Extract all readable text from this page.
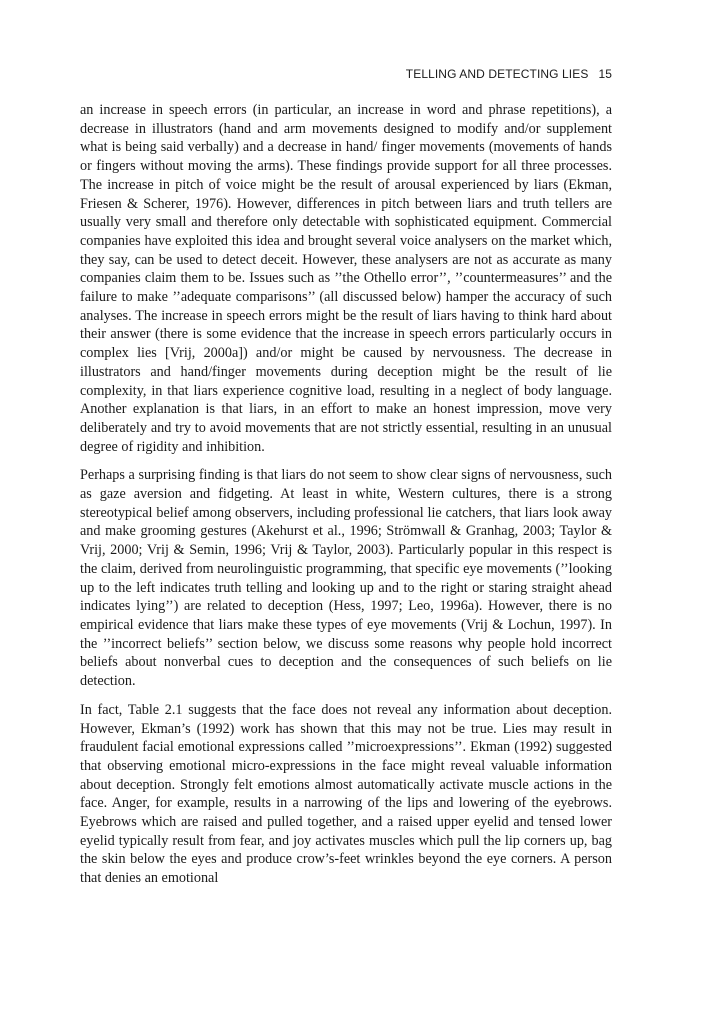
TELLING AND DETECTING LIES 15

an increase in speech errors (in particular, an increase in word and phrase repetitions), a decrease in illustrators (hand and arm movements designed to modify and/or supplement what is being said verbally) and a decrease in hand/ finger movements (movements of hands or fingers without moving the arms). These findings provide support for all three processes. The increase in pitch of voice might be the result of arousal experienced by liars (Ekman, Friesen & Scherer, 1976). However, differences in pitch between liars and truth tellers are usually very small and therefore only detectable with sophisticated equipment. Commercial companies have exploited this idea and brought several voice analysers on the market which, they say, can be used to detect deceit. However, these analysers are not as accurate as many companies claim them to be. Issues such as ’’the Othello error’’, ’’countermeasures’’ and the failure to make ’’adequate comparisons’’ (all discussed below) hamper the accuracy of such analyses. The increase in speech errors might be the result of liars having to think hard about their answer (there is some evidence that the increase in speech errors particularly occurs in complex lies [Vrij, 2000a]) and/or might be caused by nervousness. The decrease in illustrators and hand/finger movements during deception might be the result of lie complexity, in that liars experience cognitive load, resulting in a neglect of body language. Another explanation is that liars, in an effort to make an honest impression, move very deliberately and try to avoid movements that are not strictly essential, resulting in an unusual degree of rigidity and inhibition.

Perhaps a surprising finding is that liars do not seem to show clear signs of nervousness, such as gaze aversion and fidgeting. At least in white, Western cultures, there is a strong stereotypical belief among observers, including professional lie catchers, that liars look away and make grooming gestures (Akehurst et al., 1996; Strömwall & Granhag, 2003; Taylor & Vrij, 2000; Vrij & Semin, 1996; Vrij & Taylor, 2003). Particularly popular in this respect is the claim, derived from neurolinguistic programming, that specific eye movements (’’looking up to the left indicates truth telling and looking up and to the right or staring straight ahead indicates lying’’) are related to deception (Hess, 1997; Leo, 1996a). However, there is no empirical evidence that liars make these types of eye movements (Vrij & Lochun, 1997). In the ’’incorrect beliefs’’ section below, we discuss some reasons why people hold incorrect beliefs about nonverbal cues to deception and the consequences of such beliefs on lie detection.

In fact, Table 2.1 suggests that the face does not reveal any information about deception. However, Ekman’s (1992) work has shown that this may not be true. Lies may result in fraudulent facial emotional expressions called ’’microexpressions’’. Ekman (1992) suggested that observing emotional micro-expressions in the face might reveal valuable information about deception. Strongly felt emotions almost automatically activate muscle actions in the face. Anger, for example, results in a narrowing of the lips and lowering of the eyebrows. Eyebrows which are raised and pulled together, and a raised upper eyelid and tensed lower eyelid typically result from fear, and joy activates muscles which pull the lip corners up, bag the skin below the eyes and produce crow’s-feet wrinkles beyond the eye corners. A person that denies an emotional
